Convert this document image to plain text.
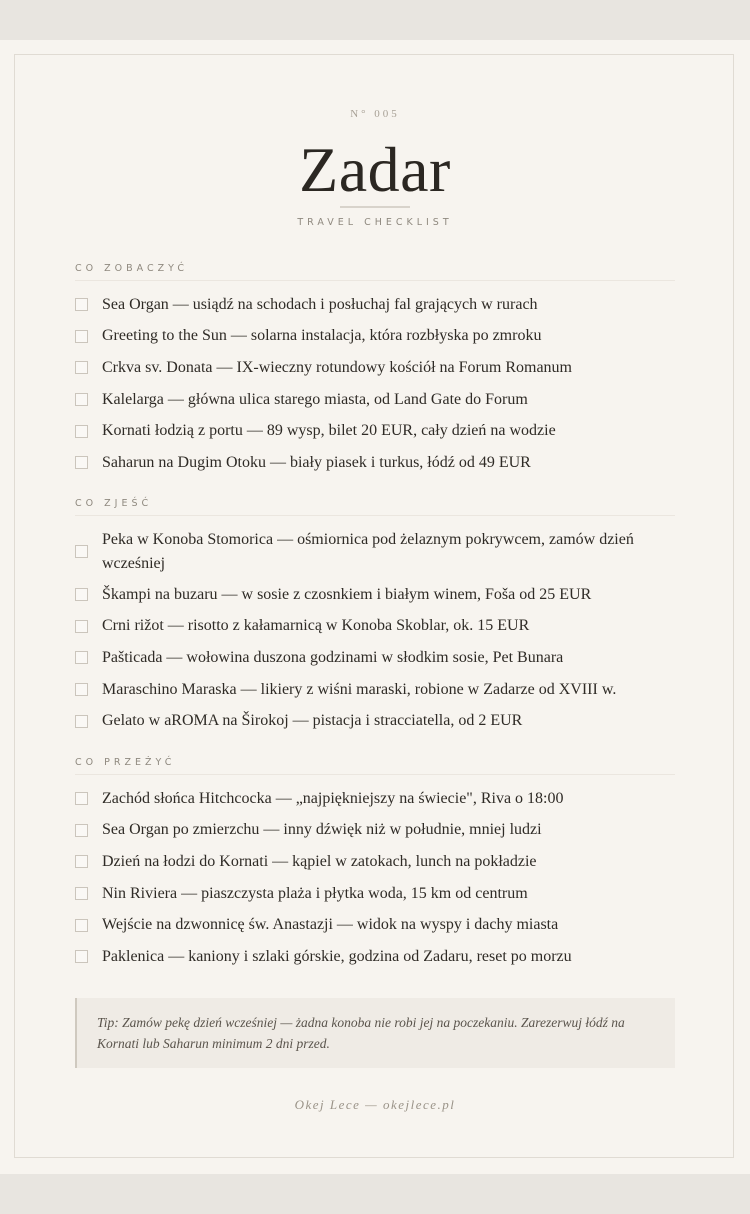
N° 005
Zadar
TRAVEL CHECKLIST
CO ZOBACZYĆ
Sea Organ — usiądź na schodach i posłuchaj fal grających w rurach
Greeting to the Sun — solarna instalacja, która rozbłyska po zmroku
Crkva sv. Donata — IX-wieczny rotundowy kościół na Forum Romanum
Kalelarga — główna ulica starego miasta, od Land Gate do Forum
Kornati łodzią z portu — 89 wysp, bilet 20 EUR, cały dzień na wodzie
Saharun na Dugim Otoku — biały piasek i turkus, łódź od 49 EUR
CO ZJEŚĆ
Peka w Konoba Stomorica — ośmiornica pod żelaznym pokrywcem, zamów dzień wcześniej
Škampi na buzaru — w sosie z czosnkiem i białym winem, Foša od 25 EUR
Crni rižot — risotto z kałamarnicą w Konoba Skoblar, ok. 15 EUR
Pašticada — wołowina duszona godzinami w słodkim sosie, Pet Bunara
Maraschino Maraska — likiery z wiśni maraski, robione w Zadarze od XVIII w.
Gelato w aROMA na Širokoj — pistacja i stracciatella, od 2 EUR
CO PRZEŻYĆ
Zachód słońca Hitchcocka — „najpiękniejszy na świecie", Riva o 18:00
Sea Organ po zmierzchu — inny dźwięk niż w południe, mniej ludzi
Dzień na łodzi do Kornati — kąpiel w zatokach, lunch na pokładzie
Nin Riviera — piaszczysta plaża i płytka woda, 15 km od centrum
Wejście na dzwonnicę św. Anastazji — widok na wyspy i dachy miasta
Paklenica — kaniony i szlaki górskie, godzina od Zadaru, reset po morzu
Tip: Zamów pekę dzień wcześniej — żadna konoba nie robi jej na poczekaniu. Zarezerwuj łódź na Kornati lub Saharun minimum 2 dni przed.
Okej Lece — okejlece.pl
